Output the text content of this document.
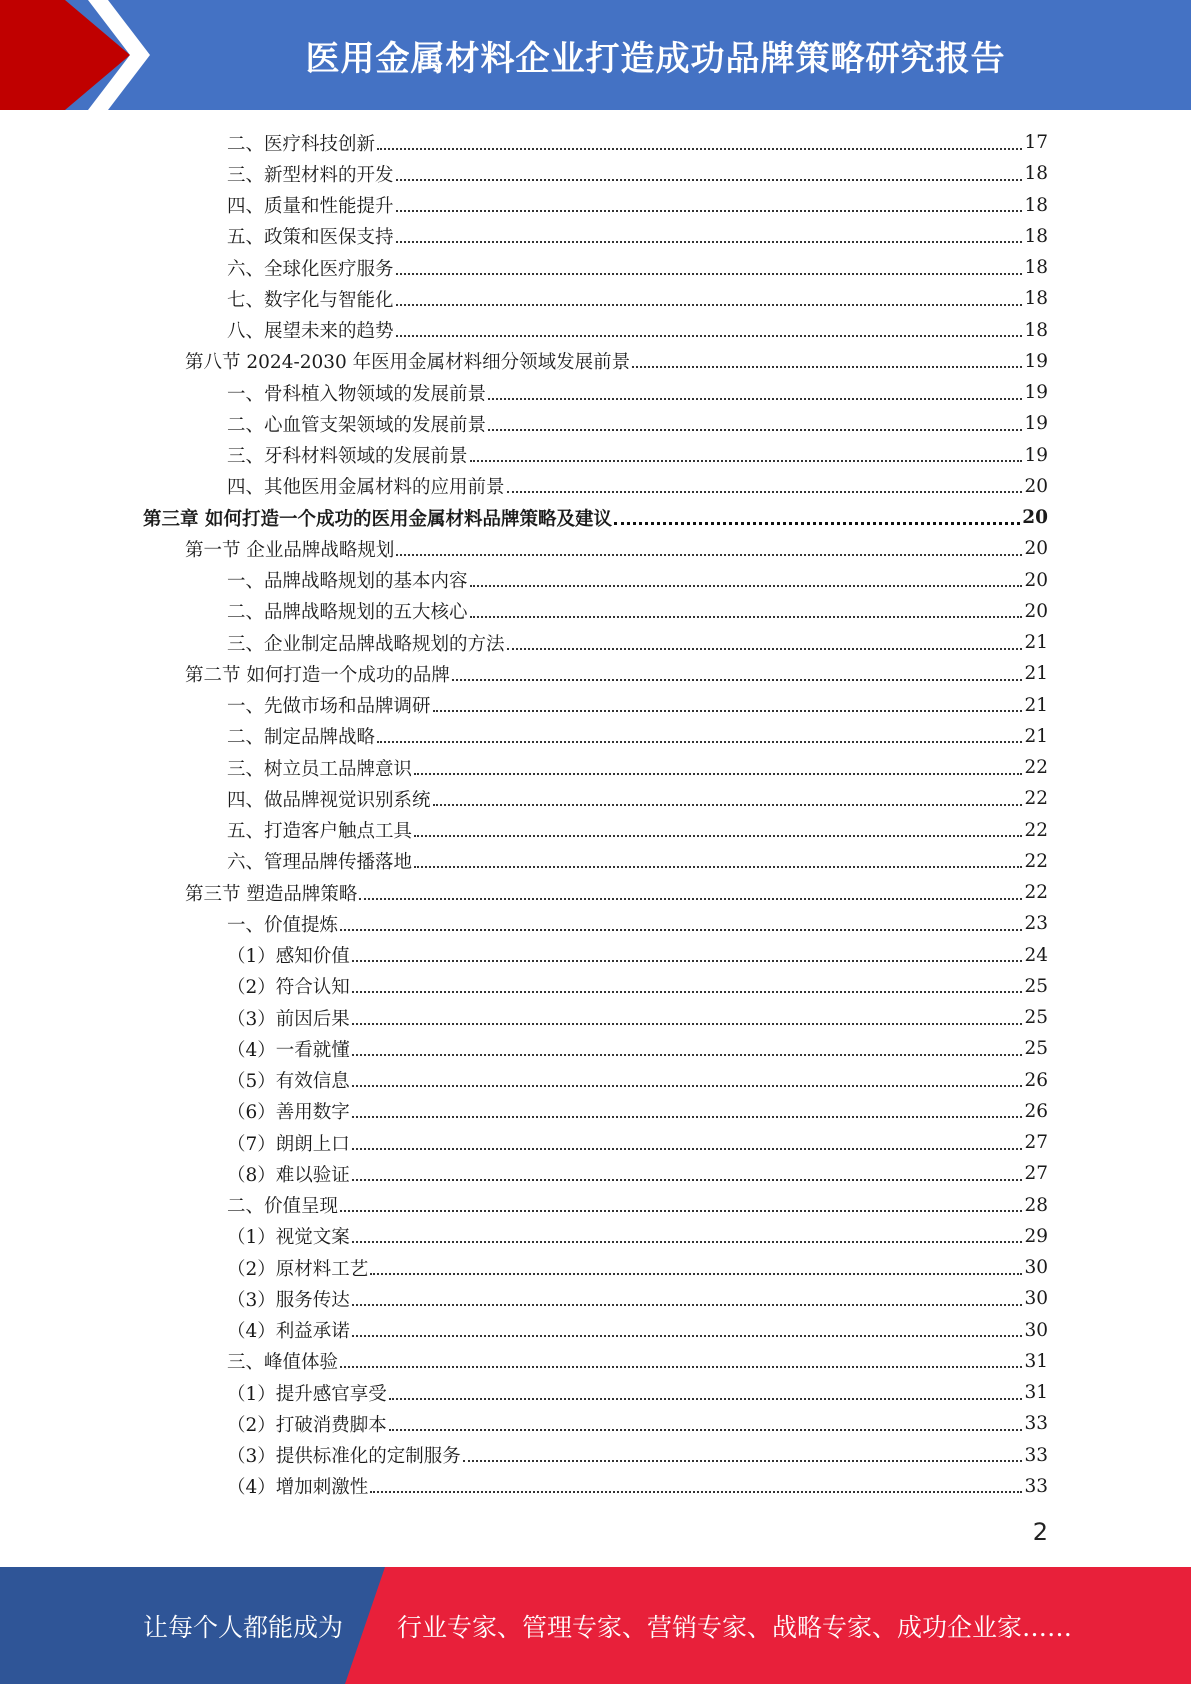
医用金属材料企业打造成功品牌策略研究报告
二、医疗科技创新	17
三、新型材料的开发	18
四、质量和性能提升	18
五、政策和医保支持	18
六、全球化医疗服务	18
七、数字化与智能化	18
八、展望未来的趋势	18
第八节 2024-2030 年医用金属材料细分领域发展前景	19
一、骨科植入物领域的发展前景	19
二、心血管支架领域的发展前景	19
三、牙科材料领域的发展前景	19
四、其他医用金属材料的应用前景	20
第三章 如何打造一个成功的医用金属材料品牌策略及建议	20
第一节 企业品牌战略规划	20
一、品牌战略规划的基本内容	20
二、品牌战略规划的五大核心	20
三、企业制定品牌战略规划的方法	21
第二节 如何打造一个成功的品牌	21
一、先做市场和品牌调研	21
二、制定品牌战略	21
三、树立员工品牌意识	22
四、做品牌视觉识别系统	22
五、打造客户触点工具	22
六、管理品牌传播落地	22
第三节 塑造品牌策略	22
一、价值提炼	23
（1）感知价值	24
（2）符合认知	25
（3）前因后果	25
（4）一看就懂	25
（5）有效信息	26
（6）善用数字	26
（7）朗朗上口	27
（8）难以验证	27
二、价值呈现	28
（1）视觉文案	29
（2）原材料工艺	30
（3）服务传达	30
（4）利益承诺	30
三、峰值体验	31
（1）提升感官享受	31
（2）打破消费脚本	33
（3）提供标准化的定制服务	33
（4）增加刺激性	33
2
让每个人都能成为 行业专家、管理专家、营销专家、战略专家、成功企业家……
